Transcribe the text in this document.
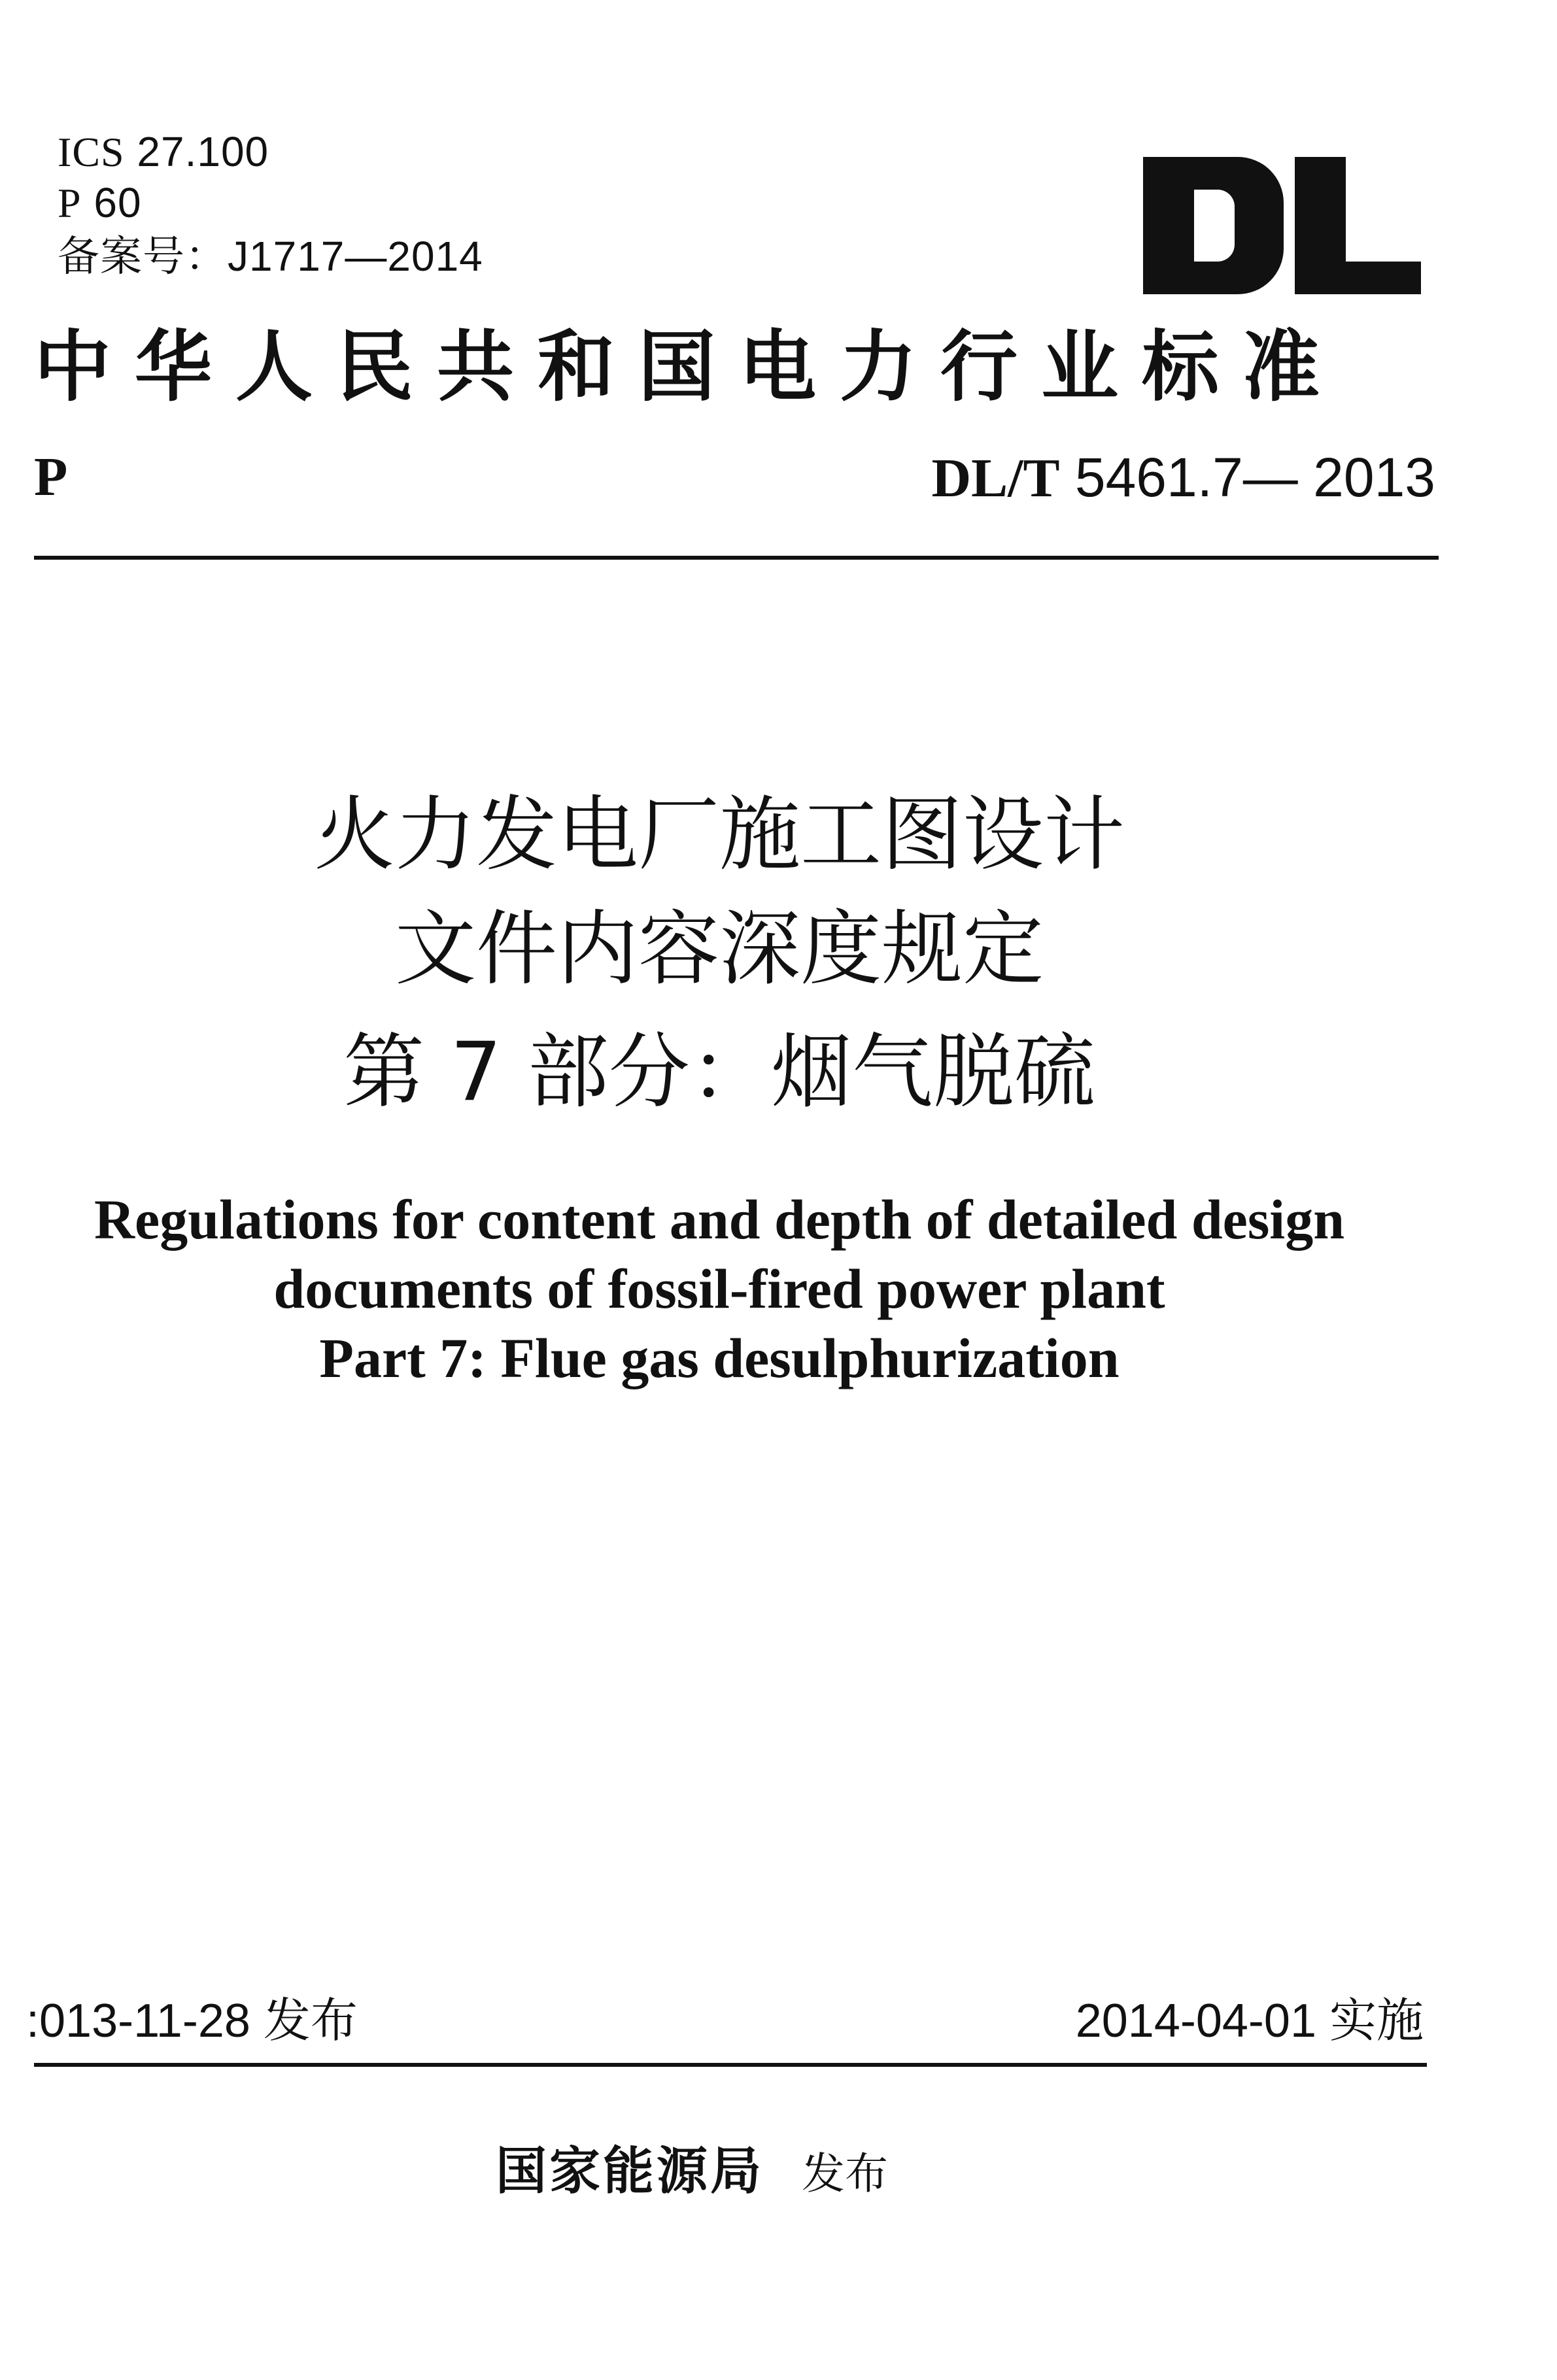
ICS 27.100
P 60
备案号：J1717—2014
中华人民共和国电力行业标准
P	DL/T 5461.7— 2013
火力发电厂施工图设计
文件内容深度规定
第 7 部分：烟气脱硫
Regulations for content and depth of detailed design
documents of fossil-fired power plant
Part 7: Flue gas desulphurization
:013-11-28 发布	2014-04-01 实施
国家能源局 发布
